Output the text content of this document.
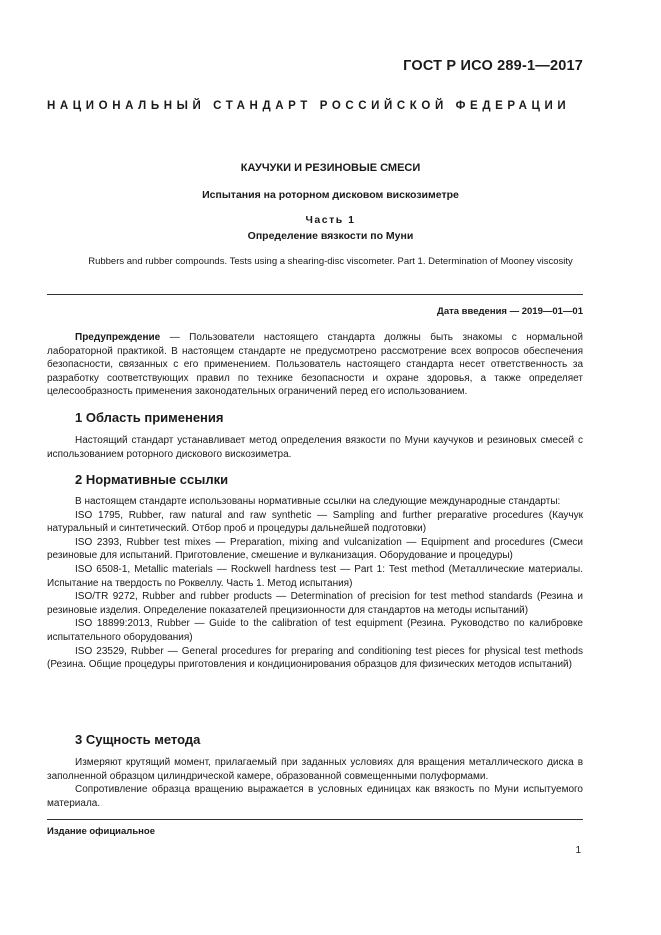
ГОСТ Р ИСО 289-1—2017
НАЦИОНАЛЬНЫЙ СТАНДАРТ РОССИЙСКОЙ ФЕДЕРАЦИИ
КАУЧУКИ И РЕЗИНОВЫЕ СМЕСИ
Испытания на роторном дисковом вискозиметре
Часть 1
Определение вязкости по Муни
Rubbers and rubber compounds. Tests using a shearing-disc viscometer. Part 1. Determination of Mooney viscosity
Дата введения — 2019—01—01

Предупреждение — Пользователи настоящего стандарта должны быть знакомы с нормальной лабораторной практикой. В настоящем стандарте не предусмотрено рассмотрение всех вопросов обеспечения безопасности, связанных с его применением. Пользователь настоящего стандарта несет ответственность за разработку соответствующих правил по технике безопасности и охране здоровья, а также определяет целесообразность применения законодательных ограничений перед его использованием.

1 Область применения

Настоящий стандарт устанавливает метод определения вязкости по Муни каучуков и резиновых смесей с использованием роторного дискового вискозиметра.

2 Нормативные ссылки

В настоящем стандарте использованы нормативные ссылки на следующие международные стандарты:

ISO 1795, Rubber, raw natural and raw synthetic — Sampling and further preparative procedures (Каучук натуральный и синтетический. Отбор проб и процедуры дальнейшей подготовки)

ISO 2393, Rubber test mixes — Preparation, mixing and vulcanization — Equipment and procedures (Смеси резиновые для испытаний. Приготовление, смешение и вулканизация. Оборудование и процедуры)

ISO 6508-1, Metallic materials — Rockwell hardness test — Part 1: Test method (Металлические материалы. Испытание на твердость по Роквеллу. Часть 1. Метод испытания)

ISO/TR 9272, Rubber and rubber products — Determination of precision for test method standards (Резина и резиновые изделия. Определение показателей прецизионности для стандартов на методы испытаний)

ISO 18899:2013, Rubber — Guide to the calibration of test equipment (Резина. Руководство по калибровке испытательного оборудования)

ISO 23529, Rubber — General procedures for preparing and conditioning test pieces for physical test methods (Резина. Общие процедуры приготовления и кондиционирования образцов для физических методов испытаний)

3 Сущность метода

Измеряют крутящий момент, прилагаемый при заданных условиях для вращения металлического диска в заполненной образцом цилиндрической камере, образованной совмещенными полуформами.

Сопротивление образца вращению выражается в условных единицах как вязкость по Муни испытуемого материала.

Издание официальное
1
